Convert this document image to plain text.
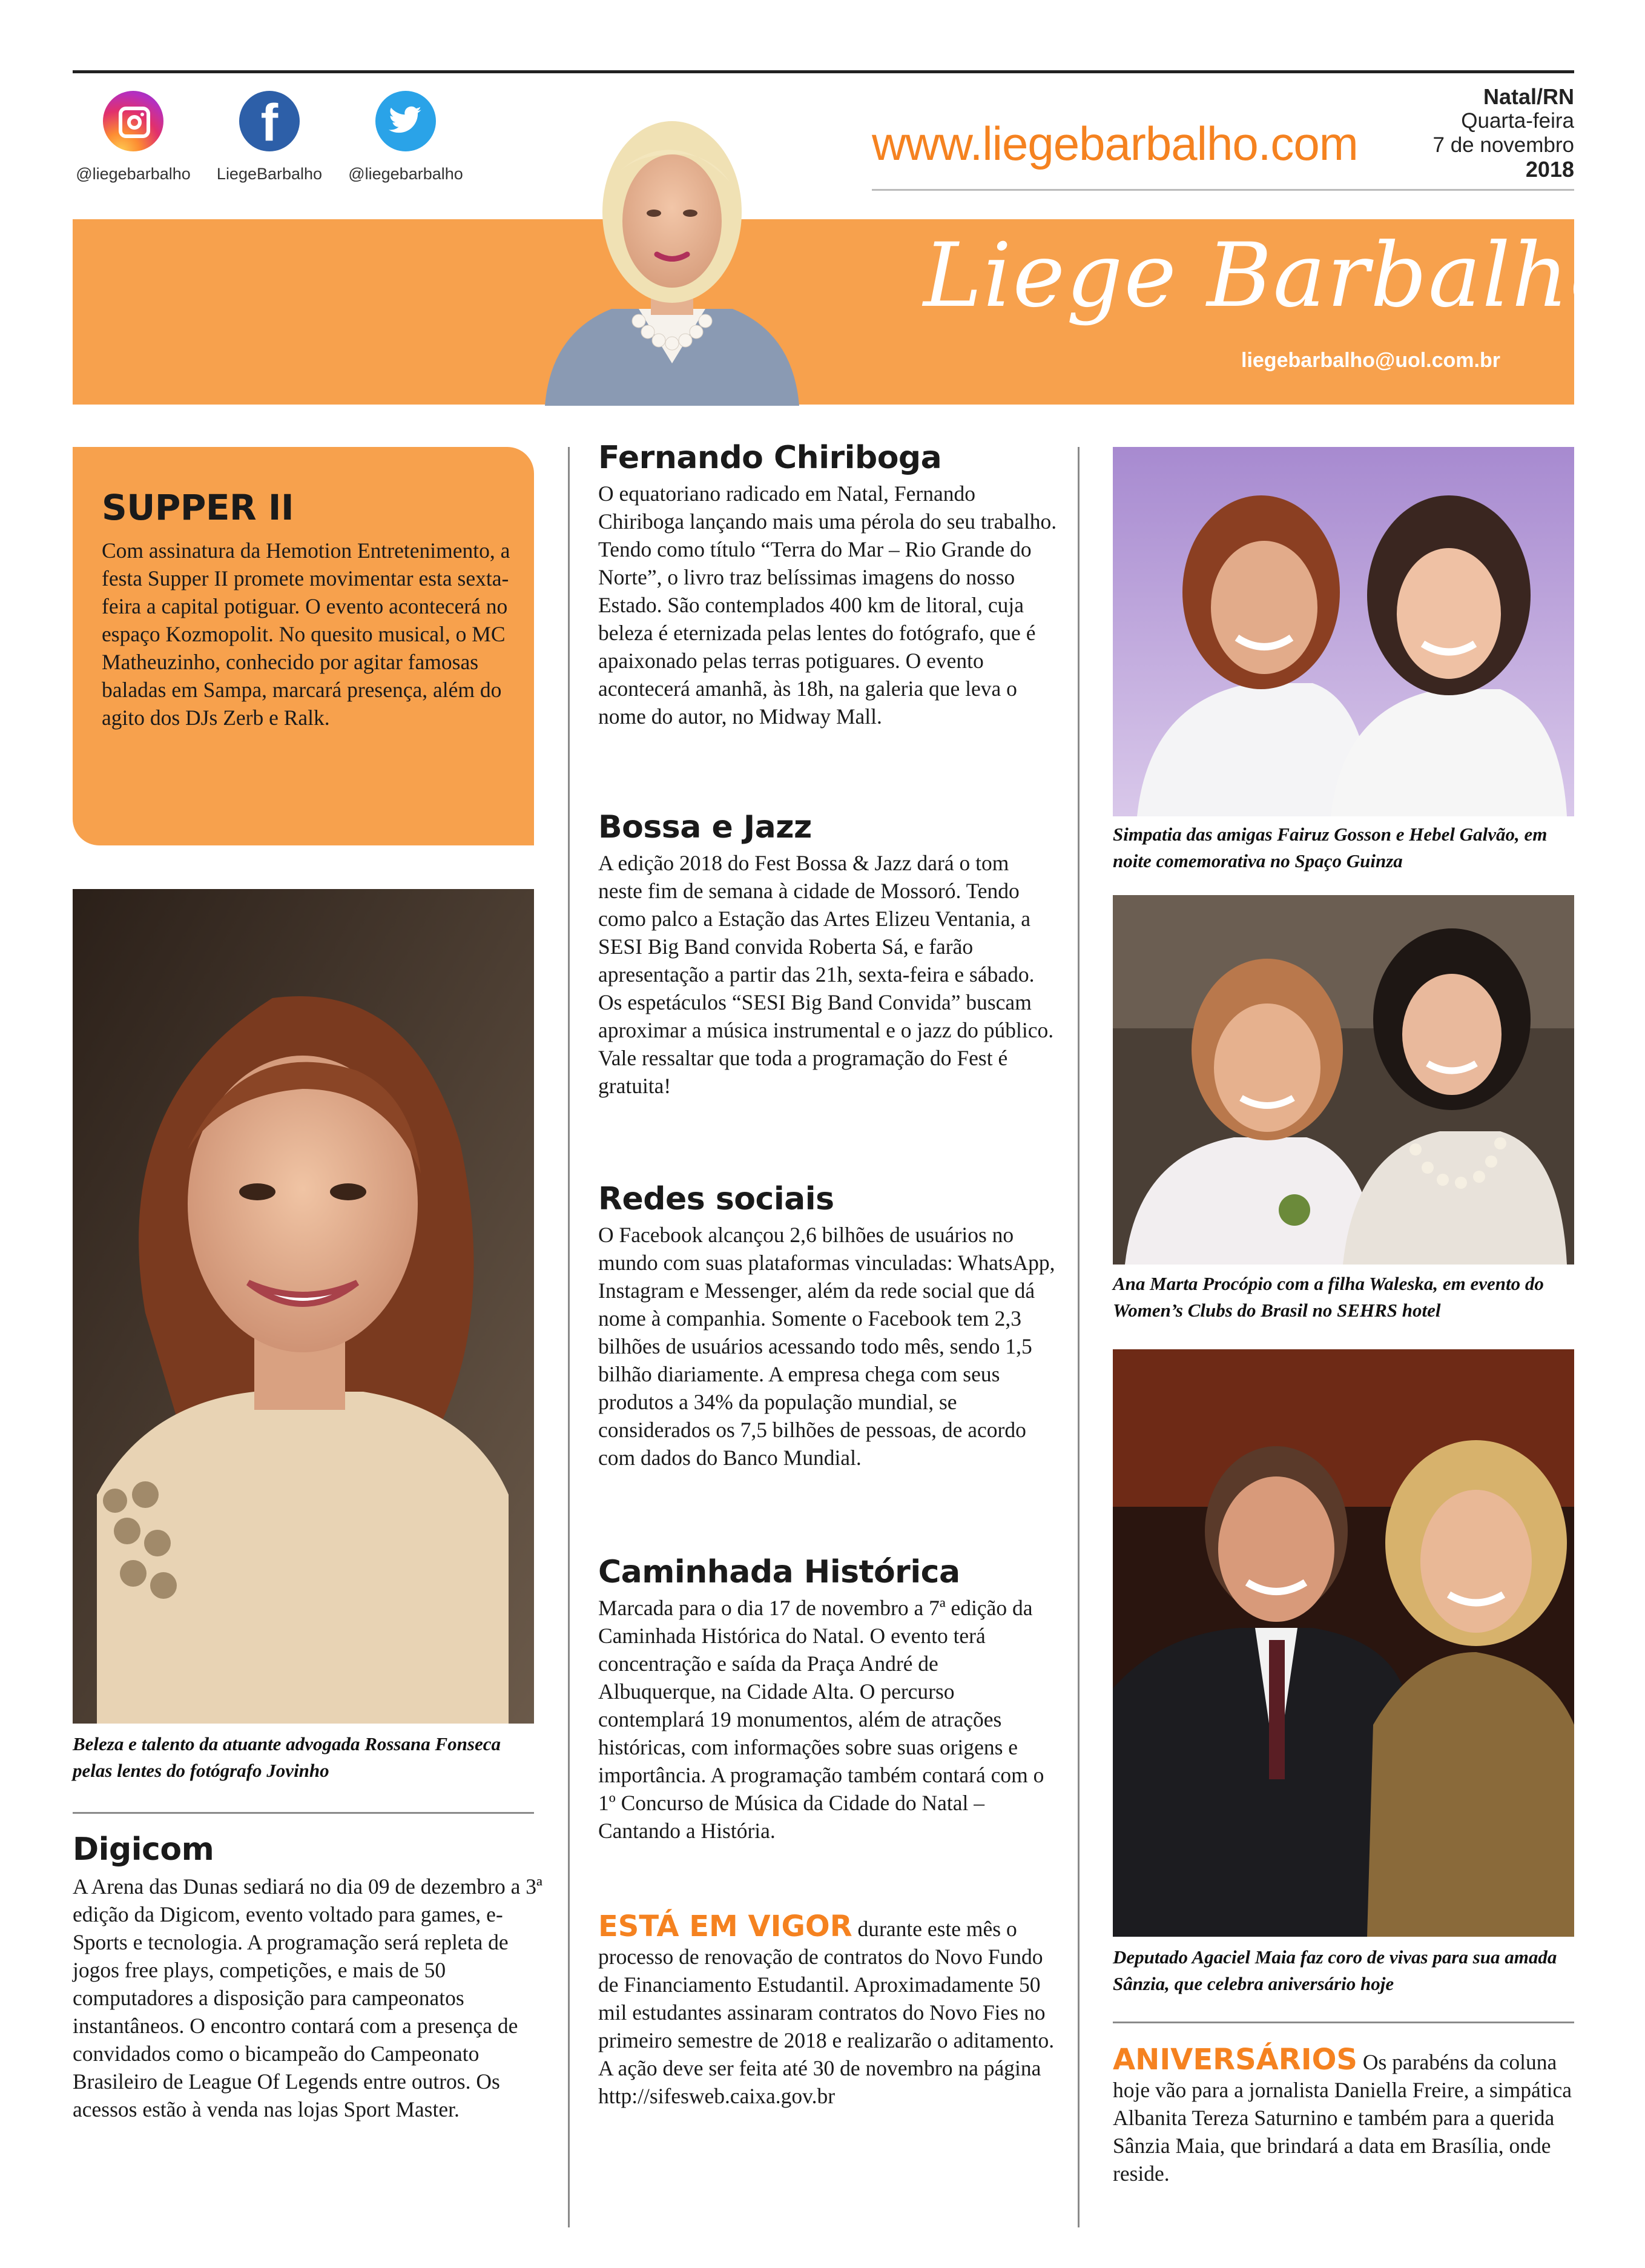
@liegebarbalho
f
LiegeBarbalho	@liegebarbalho
www.liegebarbalho.com
Natal/RN
Quarta-feira
7 de novembro
2018
Liege Barbalho
liegebarbalho@uol.com.br
SUPPER II
Com assinatura da Hemotion Entretenimento, a festa Supper II promete movimentar esta sexta-feira a capital potiguar. O evento acontecerá no espaço Kozmopolit. No quesito musical, o MC Matheuzinho, conhecido por agitar famosas baladas em Sampa, marcará presença, além do agito dos DJs Zerb e Ralk.
Beleza e talento da atuante advogada Rossana Fonseca pelas lentes do fotógrafo Jovinho
Digicom
A Arena das Dunas sediará no dia 09 de dezembro a 3ª edição da Digicom, evento voltado para games, e-Sports e tecnologia. A programação será repleta de jogos free plays, competições, e mais de 50 computadores a disposição para campeonatos instantâneos. O encontro contará com a presença de convidados como o bicampeão do Campeonato Brasileiro de League Of Legends entre outros. Os acessos estão à venda nas lojas Sport Master.
Fernando Chiriboga
O equatoriano radicado em Natal, Fernando Chiriboga lançando mais uma pérola do seu trabalho. Tendo como título “Terra do Mar – Rio Grande do Norte”, o livro traz belíssimas imagens do nosso Estado. São contemplados 400 km de litoral, cuja beleza é eternizada pelas lentes do fotógrafo, que é apaixonado pelas terras potiguares. O evento acontecerá amanhã, às 18h, na galeria que leva o nome do autor, no Midway Mall.
Bossa e Jazz
A edição 2018 do Fest Bossa & Jazz dará o tom neste fim de semana à cidade de Mossoró. Tendo como palco a Estação das Artes Elizeu Ventania, a SESI Big Band convida Roberta Sá, e farão apresentação a partir das 21h, sexta-feira e sábado. Os espetáculos “SESI Big Band Convida” buscam aproximar a música instrumental e o jazz do público. Vale ressaltar que toda a programação do Fest é gratuita!
Redes sociais
O Facebook alcançou 2,6 bilhões de usuários no mundo com suas plataformas vinculadas: WhatsApp, Instagram e Messenger, além da rede social que dá nome à companhia. Somente o Facebook tem 2,3 bilhões de usuários acessando todo mês, sendo 1,5 bilhão diariamente. A empresa chega com seus produtos a 34% da população mundial, se considerados os 7,5 bilhões de pessoas, de acordo com dados do Banco Mundial.
Caminhada Histórica
Marcada para o dia 17 de novembro a 7ª edição da Caminhada Histórica do Natal. O evento terá concentração e saída da Praça André de Albuquerque, na Cidade Alta. O percurso contemplará 19 monumentos, além de atrações históricas, com informações sobre suas origens e importância. A programação também contará com o 1º Concurso de Música da Cidade do Natal – Cantando a História.
ESTÁ EM VIGOR durante este mês o processo de renovação de contratos do Novo Fundo de Financiamento Estudantil. Aproximadamente 50 mil estudantes assinaram contratos do Novo Fies no primeiro semestre de 2018 e realizarão o aditamento. A ação deve ser feita até 30 de novembro na página http://sifesweb.caixa.gov.br
Simpatia das amigas Fairuz Gosson e Hebel Galvão, em noite comemorativa no Spaço Guinza
Ana Marta Procópio com a filha Waleska, em evento do Women’s Clubs do Brasil no SEHRS hotel
Deputado Agaciel Maia faz coro de vivas para sua amada Sânzia, que celebra aniversário hoje
ANIVERSÁRIOS Os parabéns da coluna hoje vão para a jornalista Daniella Freire, a simpática Albanita Tereza Saturnino e também para a querida Sânzia Maia, que brindará a data em Brasília, onde reside.
